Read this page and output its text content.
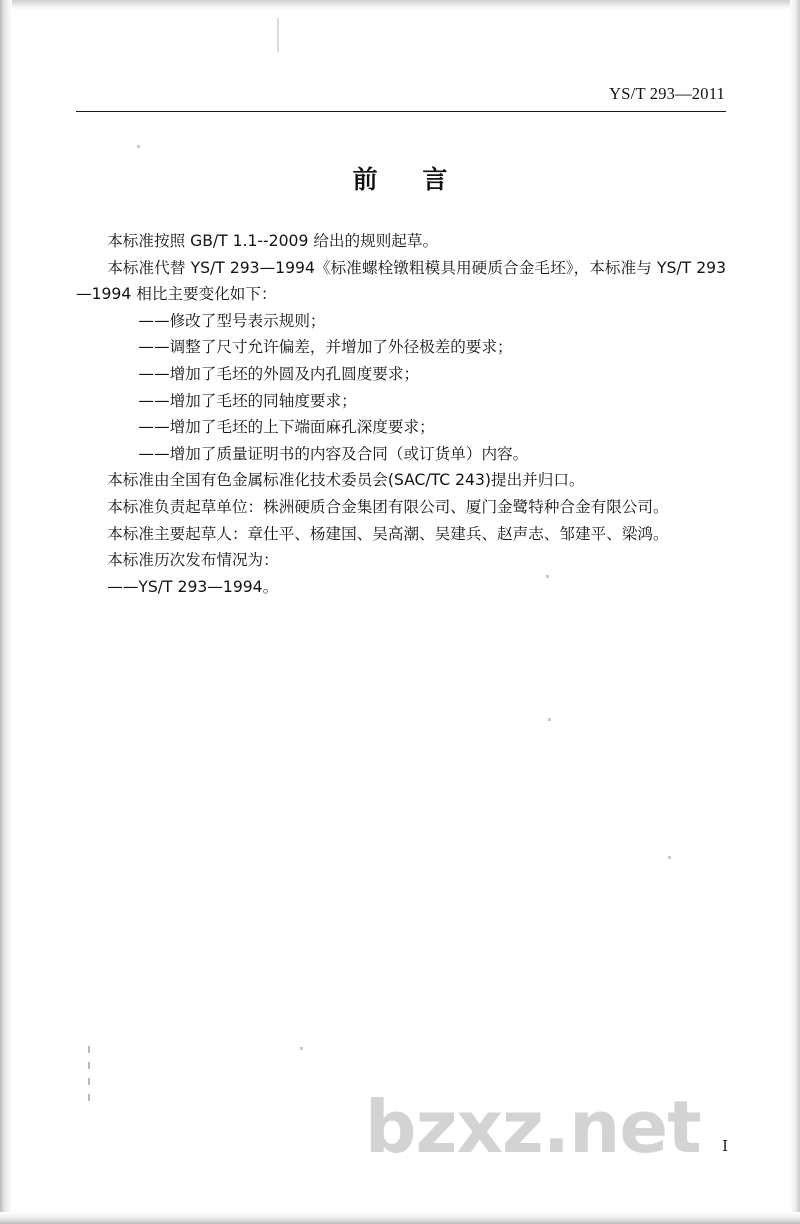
YS/T 293—2011
前 言

本标准按照 GB/T 1.1--2009 给出的规则起草。

本标准代替 YS/T 293—1994《标准螺栓镦粗模具用硬质合金毛坯》，本标准与 YS/T 293—1994 相比主要变化如下：

——修改了型号表示规则；

——调整了尺寸允许偏差，并增加了外径极差的要求；

——增加了毛坯的外圆及内孔圆度要求；

——增加了毛坯的同轴度要求；

——增加了毛坯的上下端面麻孔深度要求；

——增加了质量证明书的内容及合同（或订货单）内容。

本标准由全国有色金属标准化技术委员会(SAC/TC 243)提出并归口。

本标准负责起草单位：株洲硬质合金集团有限公司、厦门金鹭特种合金有限公司。

本标准主要起草人：章仕平、杨建国、吴高潮、吴建兵、赵声志、邹建平、梁鸿。

本标准历次发布情况为：

——YS/T 293—1994。

bzxz.net Ⅰ
